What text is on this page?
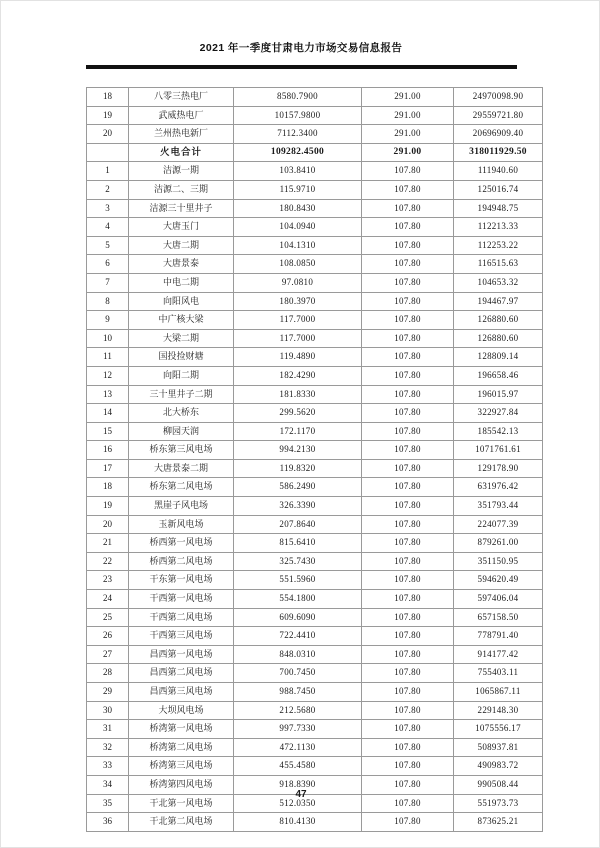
2021 年一季度甘肃电力市场交易信息报告
18	八零三热电厂	8580.7900	291.00	24970098.90
19	武威热电厂	10157.9800	291.00	29559721.80
20	兰州热电新厂	7112.3400	291.00	20696909.40
	火电合计	109282.4500	291.00	318011929.50
1	洁源一期	103.8410	107.80	111940.60
2	洁源二、三期	115.9710	107.80	125016.74
3	洁源三十里井子	180.8430	107.80	194948.75
4	大唐玉门	104.0940	107.80	112213.33
5	大唐二期	104.1310	107.80	112253.22
6	大唐景泰	108.0850	107.80	116515.63
7	中电二期	97.0810	107.80	104653.32
8	向阳风电	180.3970	107.80	194467.97
9	中广核大梁	117.7000	107.80	126880.60
10	大梁二期	117.7000	107.80	126880.60
11	国投捡财塘	119.4890	107.80	128809.14
12	向阳二期	182.4290	107.80	196658.46
13	三十里井子二期	181.8330	107.80	196015.97
14	北大桥东	299.5620	107.80	322927.84
15	柳园天润	172.1170	107.80	185542.13
16	桥东第三风电场	994.2130	107.80	1071761.61
17	大唐景泰二期	119.8320	107.80	129178.90
18	桥东第二风电场	586.2490	107.80	631976.42
19	黑崖子风电场	326.3390	107.80	351793.44
20	玉新风电场	207.8640	107.80	224077.39
21	桥西第一风电场	815.6410	107.80	879261.00
22	桥西第二风电场	325.7430	107.80	351150.95
23	干东第一风电场	551.5960	107.80	594620.49
24	干西第一风电场	554.1800	107.80	597406.04
25	干西第二风电场	609.6090	107.80	657158.50
26	干西第三风电场	722.4410	107.80	778791.40
27	昌西第一风电场	848.0310	107.80	914177.42
28	昌西第二风电场	700.7450	107.80	755403.11
29	昌西第三风电场	988.7450	107.80	1065867.11
30	大坝风电场	212.5680	107.80	229148.30
31	桥湾第一风电场	997.7330	107.80	1075556.17
32	桥湾第二风电场	472.1130	107.80	508937.81
33	桥湾第三风电场	455.4580	107.80	490983.72
34	桥湾第四风电场	918.8390	107.80	990508.44
35	干北第一风电场	512.0350	107.80	551973.73
36	干北第二风电场	810.4130	107.80	873625.21
47
